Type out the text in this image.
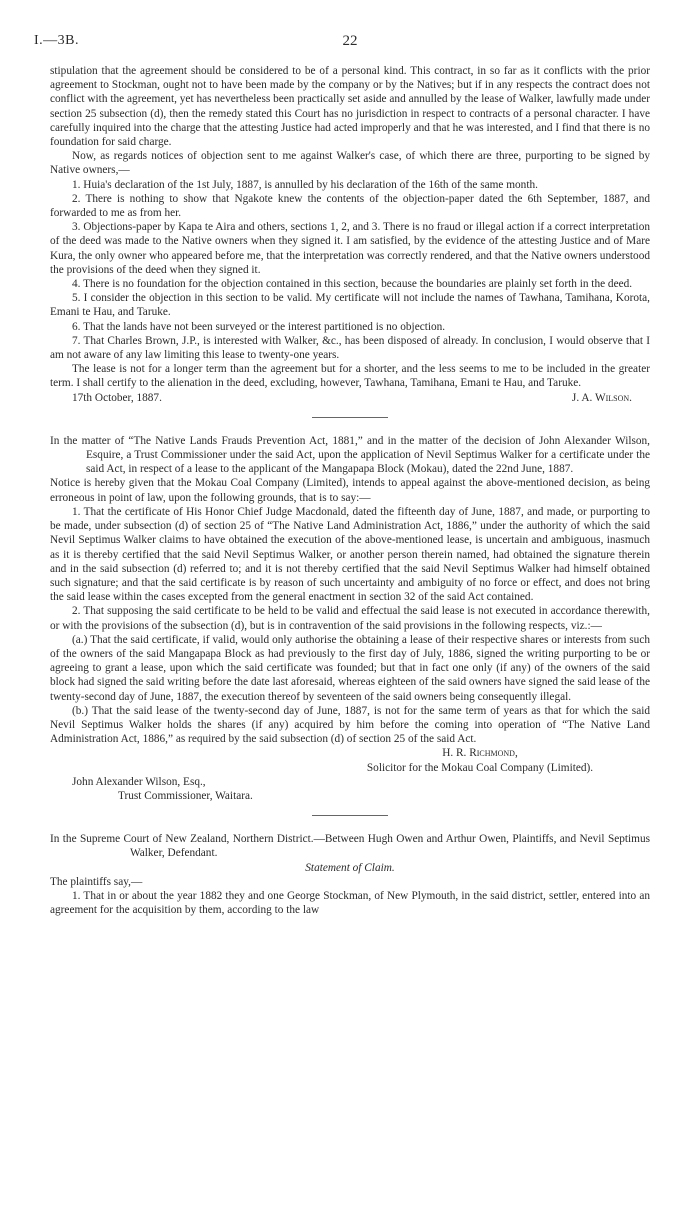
I.—3B.	22

stipulation that the agreement should be considered to be of a personal kind. This contract, in so far as it conflicts with the prior agreement to Stockman, ought not to have been made by the company or by the Natives; but if in any respects the contract does not conflict with the agreement, yet has nevertheless been practically set aside and annulled by the lease of Walker, lawfully made under section 25 subsection (d), then the remedy stated this Court has no jurisdiction in respect to contracts of a personal character. I have carefully inquired into the charge that the attesting Justice had acted improperly and that he was interested, and I find that there is no foundation for said charge.

Now, as regards notices of objection sent to me against Walker's case, of which there are three, purporting to be signed by Native owners,—

1. Huia's declaration of the 1st July, 1887, is annulled by his declaration of the 16th of the same month.

2. There is nothing to show that Ngakote knew the contents of the objection-paper dated the 6th September, 1887, and forwarded to me as from her.

3. Objections-paper by Kapa te Aira and others, sections 1, 2, and 3. There is no fraud or illegal action if a correct interpretation of the deed was made to the Native owners when they signed it. I am satisfied, by the evidence of the attesting Justice and of Mare Kura, the only owner who appeared before me, that the interpretation was correctly rendered, and that the Native owners understood the provisions of the deed when they signed it.

4. There is no foundation for the objection contained in this section, because the boundaries are plainly set forth in the deed.

5. I consider the objection in this section to be valid. My certificate will not include the names of Tawhana, Tamihana, Korota, Emani te Hau, and Taruke.

6. That the lands have not been surveyed or the interest partitioned is no objection.

7. That Charles Brown, J.P., is interested with Walker, &c., has been disposed of already. In conclusion, I would observe that I am not aware of any law limiting this lease to twenty-one years.

The lease is not for a longer term than the agreement but for a shorter, and the less seems to me to be included in the greater term. I shall certify to the alienation in the deed, excluding, however, Tawhana, Tamihana, Emani te Hau, and Taruke.

17th October, 1887.	J. A. Wilson.

In the matter of “The Native Lands Frauds Prevention Act, 1881,” and in the matter of the decision of John Alexander Wilson, Esquire, a Trust Commissioner under the said Act, upon the application of Nevil Septimus Walker for a certificate under the said Act, in respect of a lease to the applicant of the Mangapapa Block (Mokau), dated the 22nd June, 1887.

Notice is hereby given that the Mokau Coal Company (Limited), intends to appeal against the above-mentioned decision, as being erroneous in point of law, upon the following grounds, that is to say:—

1. That the certificate of His Honor Chief Judge Macdonald, dated the fifteenth day of June, 1887, and made, or purporting to be made, under subsection (d) of section 25 of “The Native Land Administration Act, 1886,” under the authority of which the said Nevil Septimus Walker claims to have obtained the execution of the above-mentioned lease, is uncertain and ambiguous, inasmuch as it is thereby certified that the said Nevil Septimus Walker, or another person therein named, had obtained the signature therein and in the said subsection (d) referred to; and it is not thereby certified that the said Nevil Septimus Walker had himself obtained such signature; and that the said certificate is by reason of such uncertainty and ambiguity of no force or effect, and does not bring the said lease within the cases excepted from the general enactment in section 32 of the said Act contained.

2. That supposing the said certificate to be held to be valid and effectual the said lease is not executed in accordance therewith, or with the provisions of the subsection (d), but is in contravention of the said provisions in the following respects, viz.:—

(a.) That the said certificate, if valid, would only authorise the obtaining a lease of their respective shares or interests from such of the owners of the said Mangapapa Block as had previously to the first day of July, 1886, signed the writing purporting to be or agreeing to grant a lease, upon which the said certificate was founded; but that in fact one only (if any) of the owners of the said block had signed the said writing before the date last aforesaid, whereas eighteen of the said owners have signed the said lease of the twenty-second day of June, 1887, the execution thereof by seventeen of the said owners being consequently illegal.

(b.) That the said lease of the twenty-second day of June, 1887, is not for the same term of years as that for which the said Nevil Septimus Walker holds the shares (if any) acquired by him before the coming into operation of “The Native Land Administration Act, 1886,” as required by the said subsection (d) of section 25 of the said Act.

H. R. Richmond,
Solicitor for the Mokau Coal Company (Limited).
John Alexander Wilson, Esq.,
Trust Commissioner, Waitara.

In the Supreme Court of New Zealand, Northern District.—Between Hugh Owen and Arthur Owen, Plaintiffs, and Nevil Septimus Walker, Defendant.

Statement of Claim.

The plaintiffs say,—

1. That in or about the year 1882 they and one George Stockman, of New Plymouth, in the said district, settler, entered into an agreement for the acquisition by them, according to the law
